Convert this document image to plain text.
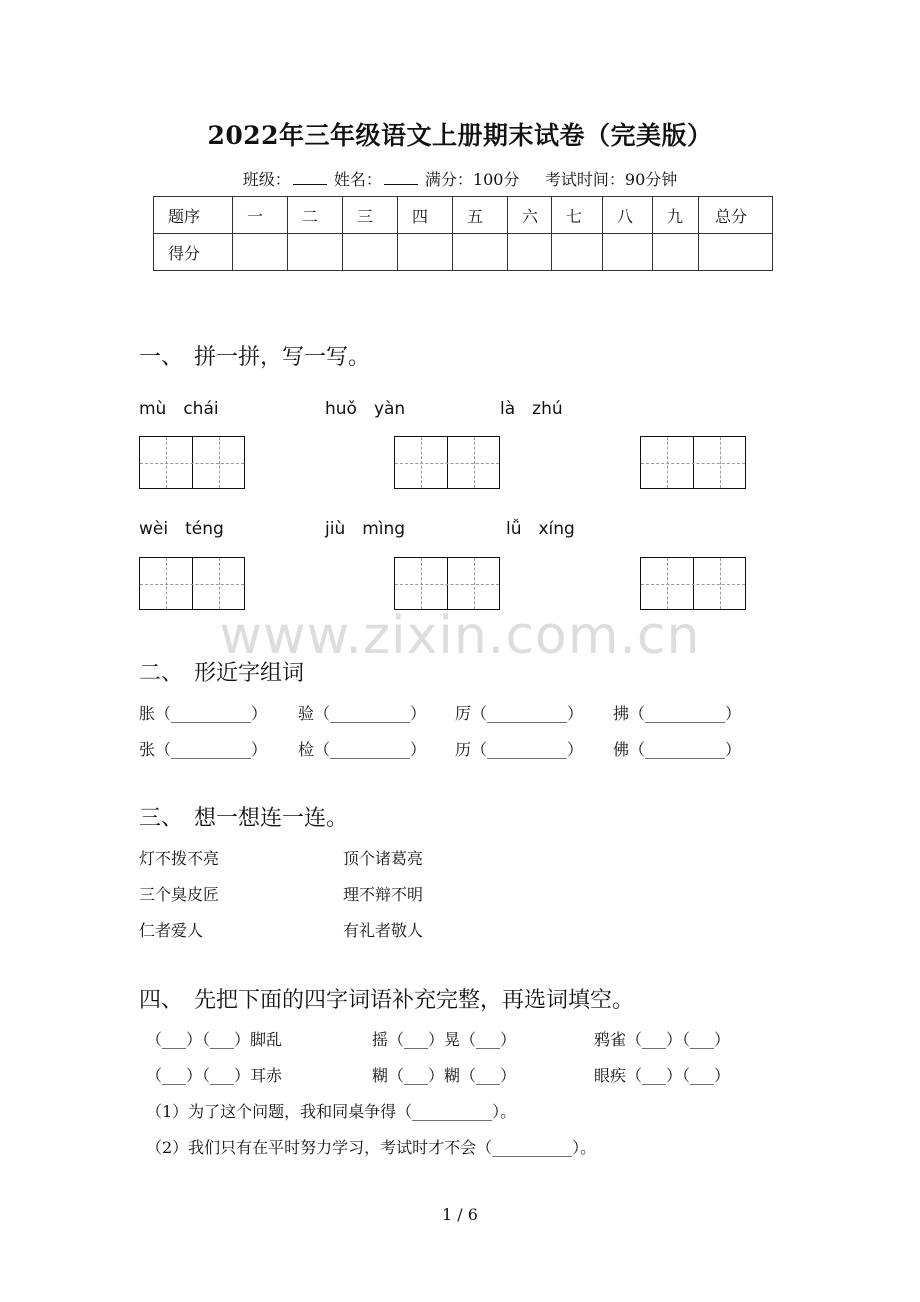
2022年三年级语文上册期末试卷（完美版）
班级：	姓名：	满分：100分 考试时间：90分钟
题序	一	二	三	四	五	六	七	八	九	总分
得分										
一、　拼一拼，写一写。
mù　chái	huǒ　yàn	là　zhú
wèi　téng	jiù　mìng	lǚ　xíng
www.zixin.com.cn
二、　形近字组词
胀（__________） 验（__________） 厉（__________） 拂（__________）
张（__________） 检（__________） 历（__________） 佛（__________）
三、　想一想连一连。
灯不拨不亮
三个臭皮匠
仁者爱人
顶个诸葛亮
理不辩不明
有礼者敬人
四、　先把下面的四字词语补充完整，再选词填空。
（___）（___）脚乱	摇（___）晃（___）	鸦雀（___）（___）
（___）（___）耳赤	糊（___）糊（___）	眼疾（___）（___）
（1）为了这个问题，我和同桌争得（__________）。
（2）我们只有在平时努力学习，考试时才不会（__________）。
1 / 6
